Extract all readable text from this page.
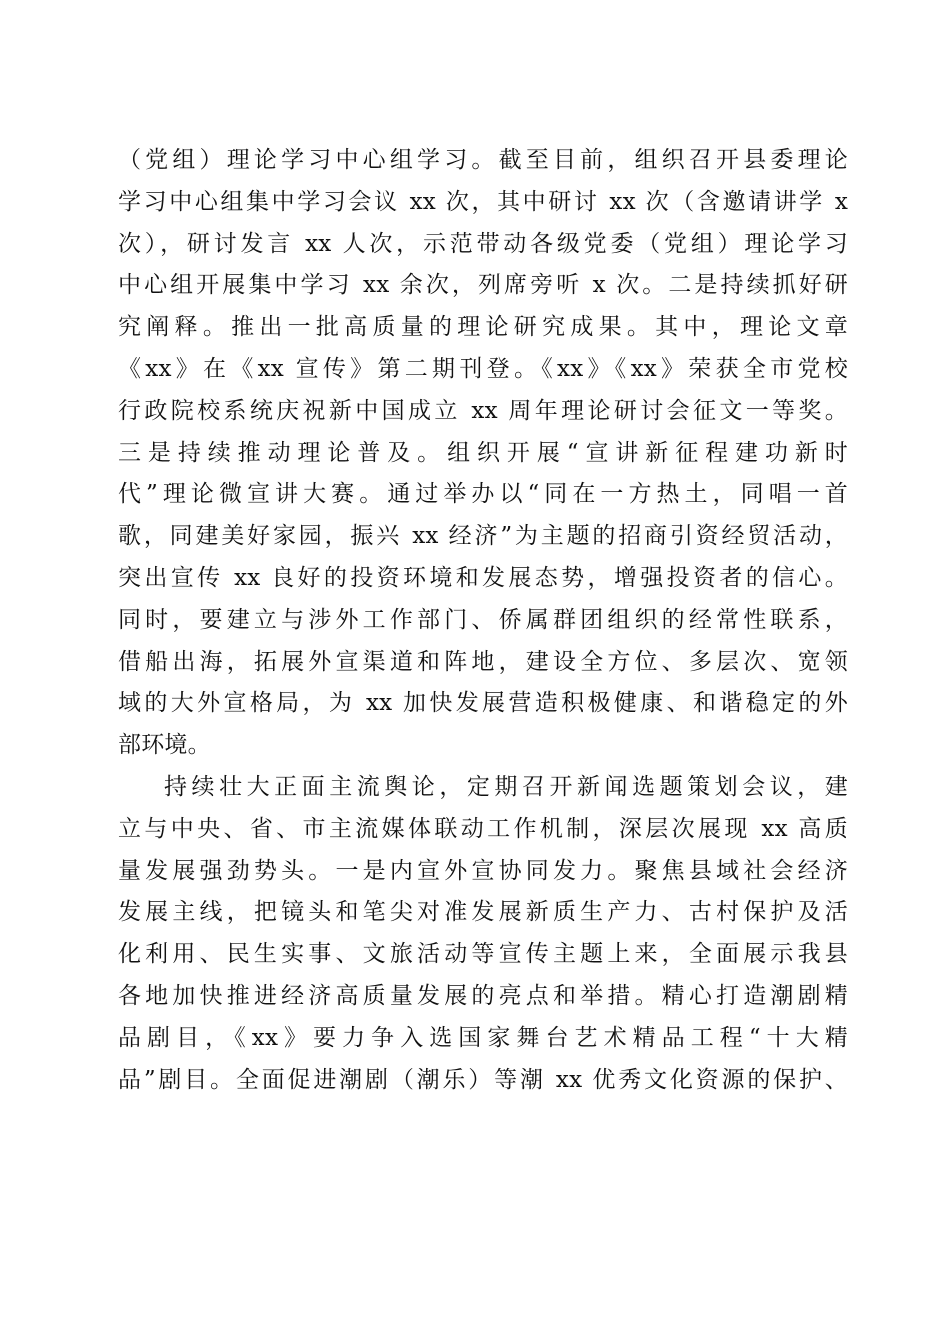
（党组）理论学习中心组学习。截至目前，组织召开县委理论
学习中心组集中学习会议 xx 次，其中研讨 xx 次（含邀请讲学 x
次），研讨发言 xx 人次，示范带动各级党委（党组）理论学习
中心组开展集中学习 xx 余次，列席旁听 x 次。二是持续抓好研
究阐释。推出一批高质量的理论研究成果。其中，理论文章
《xx》在《xx 宣传》第二期刊登。《xx》《xx》荣获全市党校
行政院校系统庆祝新中国成立 xx 周年理论研讨会征文一等奖。
三是持续推动理论普及。组织开展“宣讲新征程建功新时
代”理论微宣讲大赛。通过举办以“同在一方热土，同唱一首
歌，同建美好家园，振兴 xx 经济”为主题的招商引资经贸活动，
突出宣传 xx 良好的投资环境和发展态势，增强投资者的信心。
同时，要建立与涉外工作部门、侨属群团组织的经常性联系，
借船出海，拓展外宣渠道和阵地，建设全方位、多层次、宽领
域的大外宣格局，为 xx 加快发展营造积极健康、和谐稳定的外
部环境。
持续壮大正面主流舆论，定期召开新闻选题策划会议，建
立与中央、省、市主流媒体联动工作机制，深层次展现 xx 高质
量发展强劲势头。一是内宣外宣协同发力。聚焦县域社会经济
发展主线，把镜头和笔尖对准发展新质生产力、古村保护及活
化利用、民生实事、文旅活动等宣传主题上来，全面展示我县
各地加快推进经济高质量发展的亮点和举措。精心打造潮剧精
品剧目，《xx》要力争入选国家舞台艺术精品工程“十大精
品”剧目。全面促进潮剧（潮乐）等潮 xx 优秀文化资源的保护、
